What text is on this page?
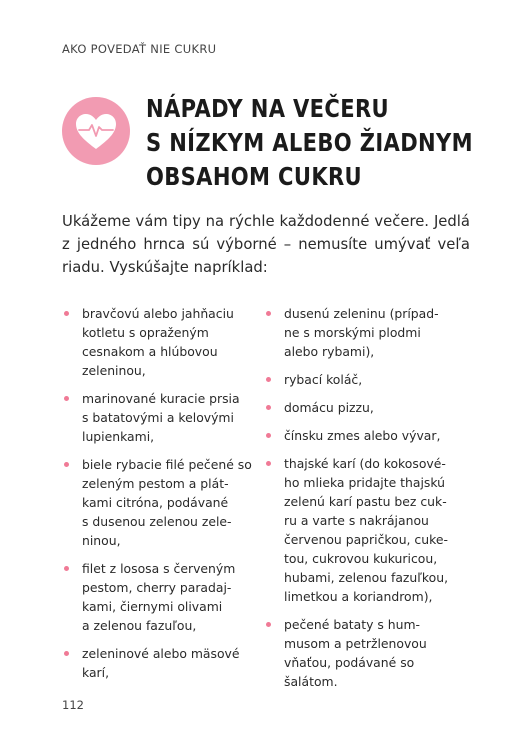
AKO POVEDAŤ NIE CUKRU
NÁPADY NA VEČERU
S NÍZKYM ALEBO ŽIADNYM
OBSAHOM CUKRU
Ukážeme vám tipy na rýchle každodenné večere. Jedlá z jedného hrnca sú výborné – nemusíte umývať veľa riadu. Vyskúšajte napríklad:
bravčovú alebo jahňaciu
kotletu s opraženým
cesnakom a hlúbovou
zeleninou,
marinované kuracie prsia
s batatovými a kelovými
lupienkami,
biele rybacie filé pečené so
zeleným pestom a plát-
kami citróna, podávané
s dusenou zelenou zele-
ninou,
filet z lososa s červeným
pestom, cherry paradaj-
kami, čiernymi olivami
a zelenou fazuľou,
zeleninové alebo mäsové
karí,
dusenú zeleninu (prípad-
ne s morskými plodmi
alebo rybami),
rybací koláč,
domácu pizzu,
čínsku zmes alebo vývar,
thajské karí (do kokosové-
ho mlieka pridajte thajskú
zelenú karí pastu bez cuk-
ru a varte s nakrájanou
červenou papričkou, cuke-
tou, cukrovou kukuricou,
hubami, zelenou fazuľkou,
limetkou a koriandrom),
pečené bataty s hum-
musom a petržlenovou
vňaťou, podávané so
šalátom.
112
